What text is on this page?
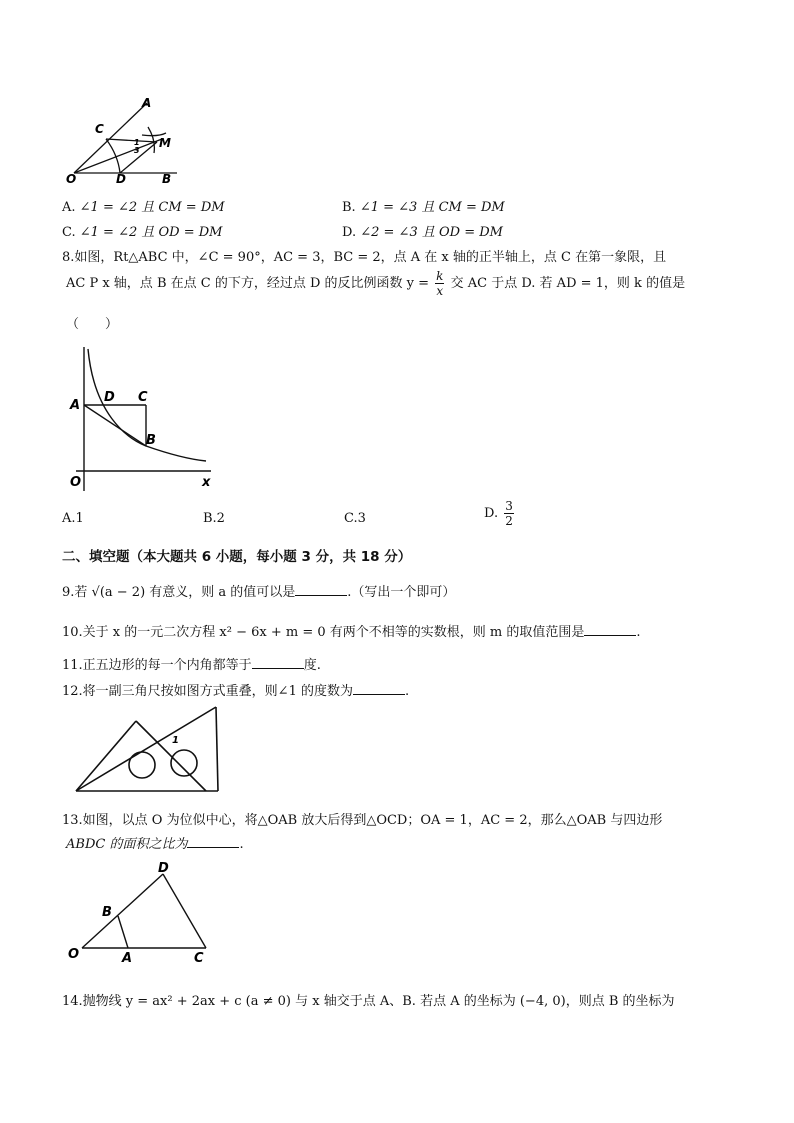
A
C
1
3
M
O	D	B
A. ∠1 = ∠2 且 CM = DM	B. ∠1 = ∠3 且 CM = DM
C. ∠1 = ∠2 且 OD = DM	D. ∠2 = ∠3 且 OD = DM
8.如图，Rt△ABC 中，∠C = 90°，AC = 3，BC = 2，点 A 在 x 轴的正半轴上，点 C 在第一象限，且
AC P x 轴，点 B 在点 C 的下方，经过点 D 的反比例函数 $y = \frac{k}{x}$ 交 AC 于点 D. 若 AD = 1，则 k 的值是
（　　）
A
D C
B
O	x
A.1	B.2	C.3	D. $\frac{3}{2}$
二、填空题（本大题共 6 小题，每小题 3 分，共 18 分）
9.若 √(a − 2) 有意义，则 a 的值可以是	.（写出一个即可）
10.关于 x 的一元二次方程 x² − 6x + m = 0 有两个不相等的实数根，则 m 的取值范围是	.
11.正五边形的每一个内角都等于	度.
12.将一副三角尺按如图方式重叠，则∠1 的度数为	.
1
13.如图，以点 O 为位似中心，将△OAB 放大后得到△OCD；OA = 1，AC = 2，那么△OAB 与四边形
ABDC 的面积之比为	.
D
B
O	A	C
14.抛物线 y = ax² + 2ax + c (a ≠ 0) 与 x 轴交于点 A、B. 若点 A 的坐标为 (−4, 0)，则点 B 的坐标为
